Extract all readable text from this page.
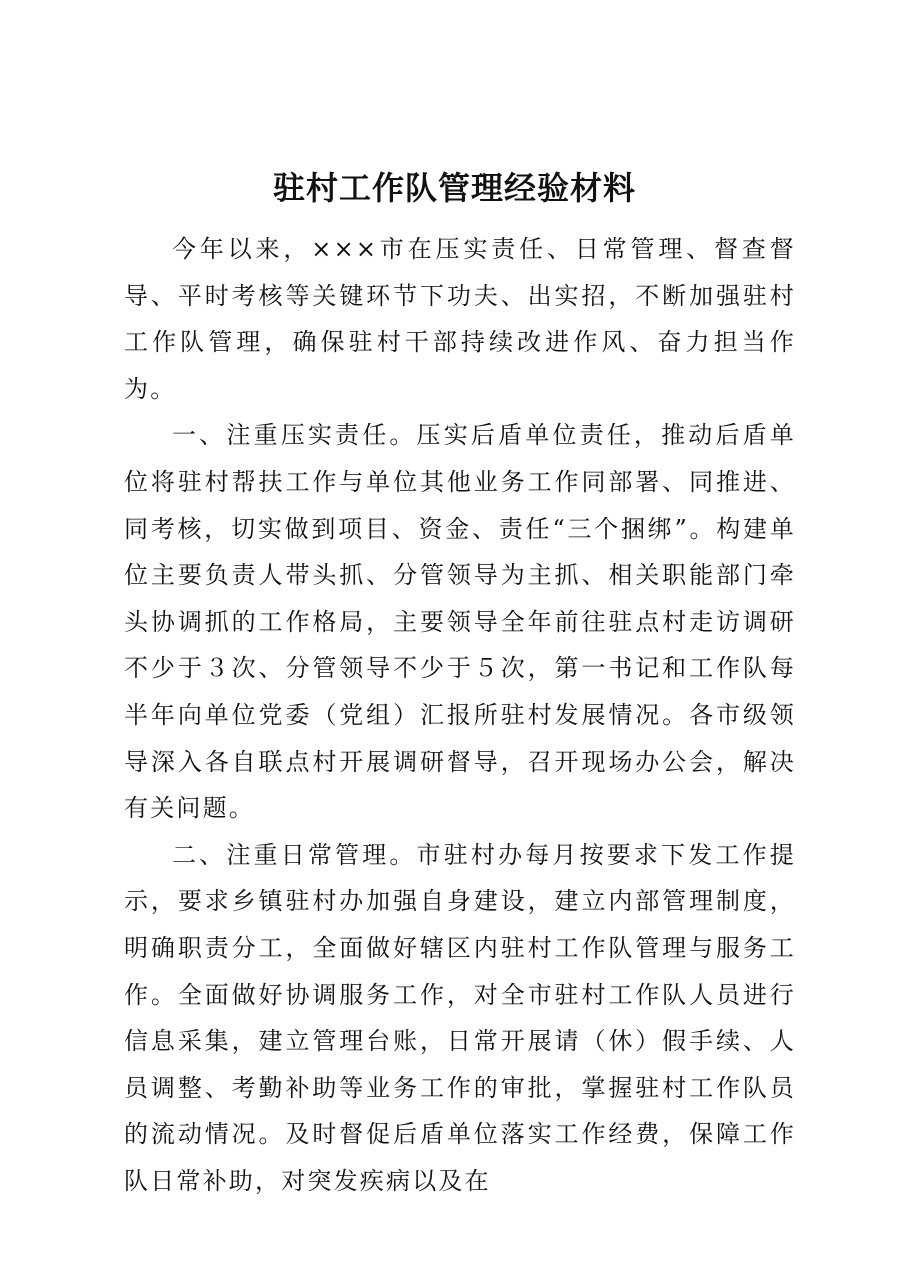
驻村工作队管理经验材料

今年以来，×××市在压实责任、日常管理、督查督导、平时考核等关键环节下功夫、出实招，不断加强驻村工作队管理，确保驻村干部持续改进作风、奋力担当作为。

一、注重压实责任。压实后盾单位责任，推动后盾单位将驻村帮扶工作与单位其他业务工作同部署、同推进、同考核，切实做到项目、资金、责任“三个捆绑”。构建单位主要负责人带头抓、分管领导为主抓、相关职能部门牵头协调抓的工作格局，主要领导全年前往驻点村走访调研不少于３次、分管领导不少于５次，第一书记和工作队每半年向单位党委（党组）汇报所驻村发展情况。各市级领导深入各自联点村开展调研督导，召开现场办公会，解决有关问题。

二、注重日常管理。市驻村办每月按要求下发工作提示，要求乡镇驻村办加强自身建设，建立内部管理制度，明确职责分工，全面做好辖区内驻村工作队管理与服务工作。全面做好协调服务工作，对全市驻村工作队人员进行信息采集，建立管理台账，日常开展请（休）假手续、人员调整、考勤补助等业务工作的审批，掌握驻村工作队员的流动情况。及时督促后盾单位落实工作经费，保障工作队日常补助，对突发疾病以及在
